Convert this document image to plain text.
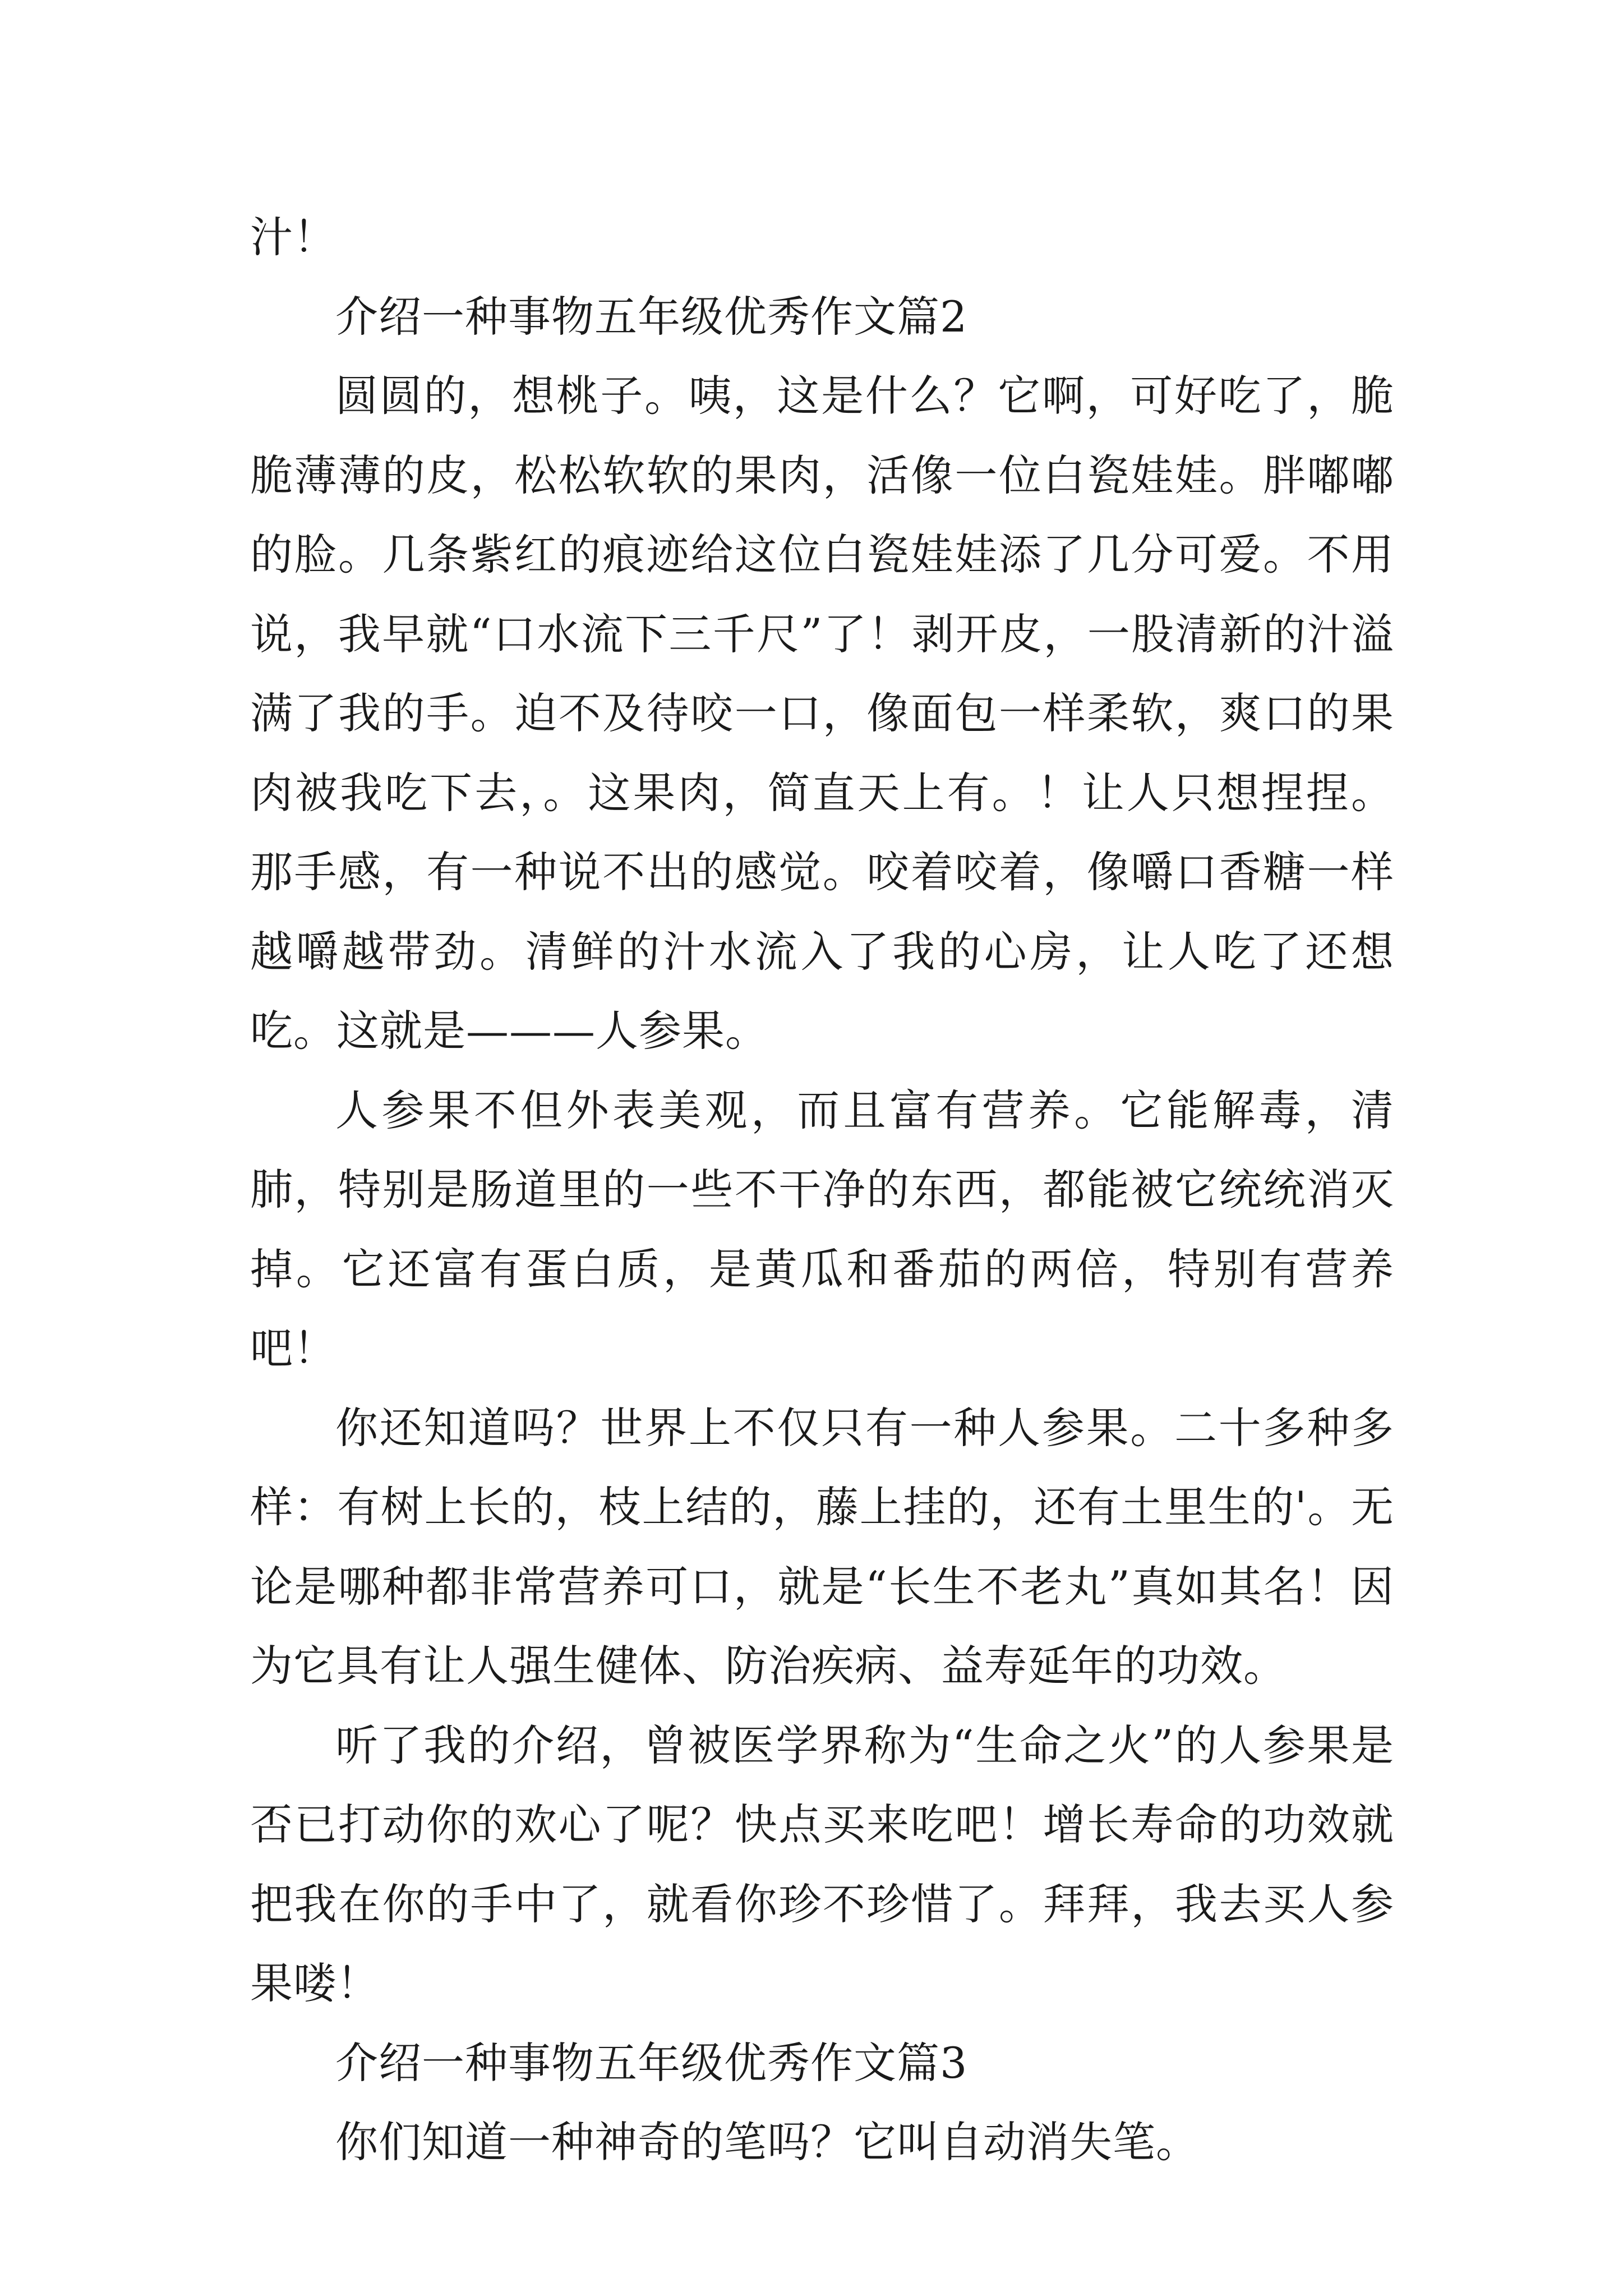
汁！

介绍一种事物五年级优秀作文篇2

圆圆的，想桃子。咦，这是什么？它啊，可好吃了，脆脆薄薄的皮，松松软软的果肉，活像一位白瓷娃娃。胖嘟嘟的脸。几条紫红的痕迹给这位白瓷娃娃添了几分可爱。不用说，我早就“口水流下三千尺”了！剥开皮，一股清新的汁溢满了我的手。迫不及待咬一口，像面包一样柔软，爽口的果肉被我吃下去，。这果肉，简直天上有。！让人只想捏捏。那手感，有一种说不出的感觉。咬着咬着，像嚼口香糖一样越嚼越带劲。清鲜的汁水流入了我的心房，让人吃了还想吃。这就是———人参果。

人参果不但外表美观，而且富有营养。它能解毒，清肺，特别是肠道里的一些不干净的东西，都能被它统统消灭掉。它还富有蛋白质，是黄瓜和番茄的两倍，特别有营养吧！

你还知道吗？世界上不仅只有一种人参果。二十多种多样：有树上长的，枝上结的，藤上挂的，还有土里生的'。无论是哪种都非常营养可口，就是“长生不老丸”真如其名！因为它具有让人强生健体、防治疾病、益寿延年的功效。

听了我的介绍，曾被医学界称为“生命之火”的人参果是否已打动你的欢心了呢？快点买来吃吧！增长寿命的功效就把我在你的手中了，就看你珍不珍惜了。拜拜，我去买人参果喽！

介绍一种事物五年级优秀作文篇3

你们知道一种神奇的笔吗？它叫自动消失笔。
